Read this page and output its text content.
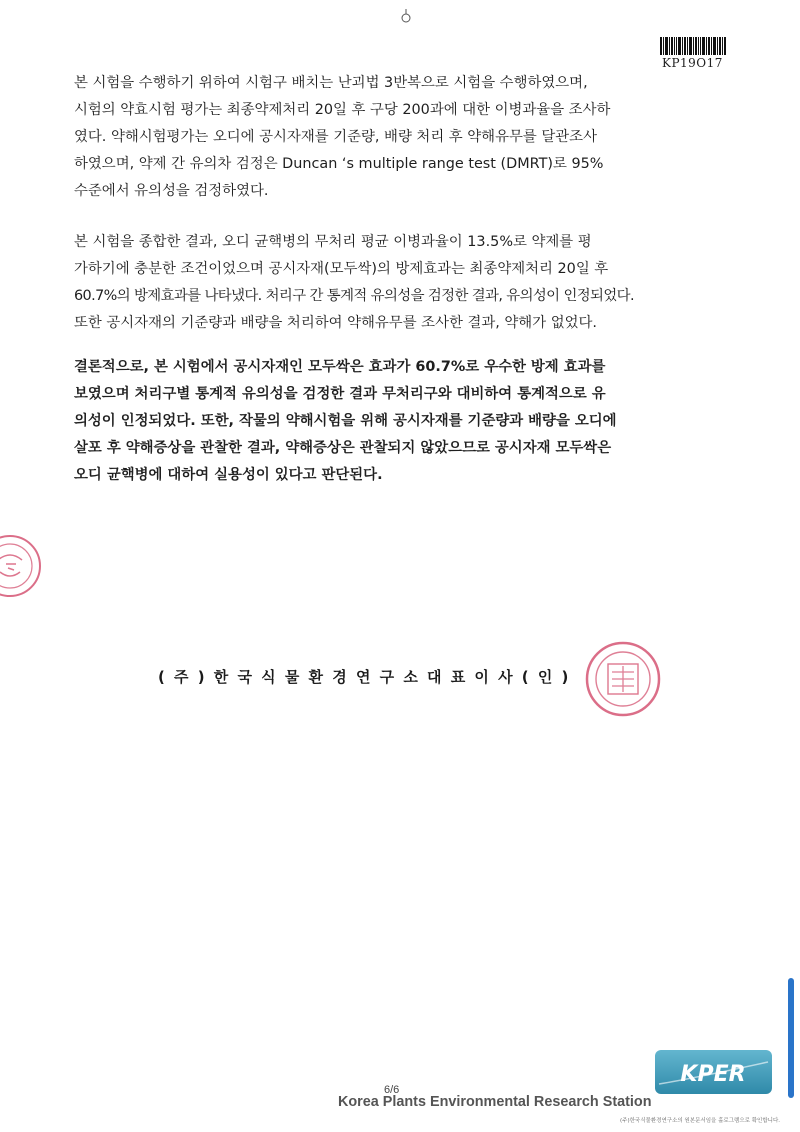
KP19O17
본 시험을 수행하기 위하여 시험구 배치는 난괴법 3반복으로 시험을 수행하였으며,
시험의 약효시험 평가는 최종약제처리 20일 후 구당 200과에 대한 이병과율을 조사하
였다. 약해시험평가는 오디에 공시자재를 기준량, 배량 처리 후 약해유무를 달관조사
하였으며, 약제 간 유의차 검정은 Duncan ‘s multiple range test (DMRT)로 95%
수준에서 유의성을 검정하였다.
본 시험을 종합한 결과, 오디 균핵병의 무처리 평균 이병과율이 13.5%로 약제를 평
가하기에 충분한 조건이었으며 공시자재(모두싹)의 방제효과는 최종약제처리 20일 후
60.7%의 방제효과를 나타냈다. 처리구 간 통계적 유의성을 검정한 결과, 유의성이 인정되었다.
또한 공시자재의 기준량과 배량을 처리하여 약해유무를 조사한 결과, 약해가 없었다.
결론적으로, 본 시험에서 공시자재인 모두싹은 효과가 60.7%로 우수한 방제 효과를
보였으며 처리구별 통계적 유의성을 검정한 결과 무처리구와 대비하여 통계적으로 유
의성이 인정되었다. 또한, 작물의 약해시험을 위해 공시자재를 기준량과 배량을 오디에
살포 후 약해증상을 관찰한 결과, 약해증상은 관찰되지 않았으므로 공시자재 모두싹은
오디 균핵병에 대하여 실용성이 있다고 판단된다.
(주)한국식물환경연구소대표이사(인)
6/6
Korea Plants Environmental Research Station
KPER
(주)한국식물환경연구소의 원본문서임을 홀로그램으로 확인합니다.
